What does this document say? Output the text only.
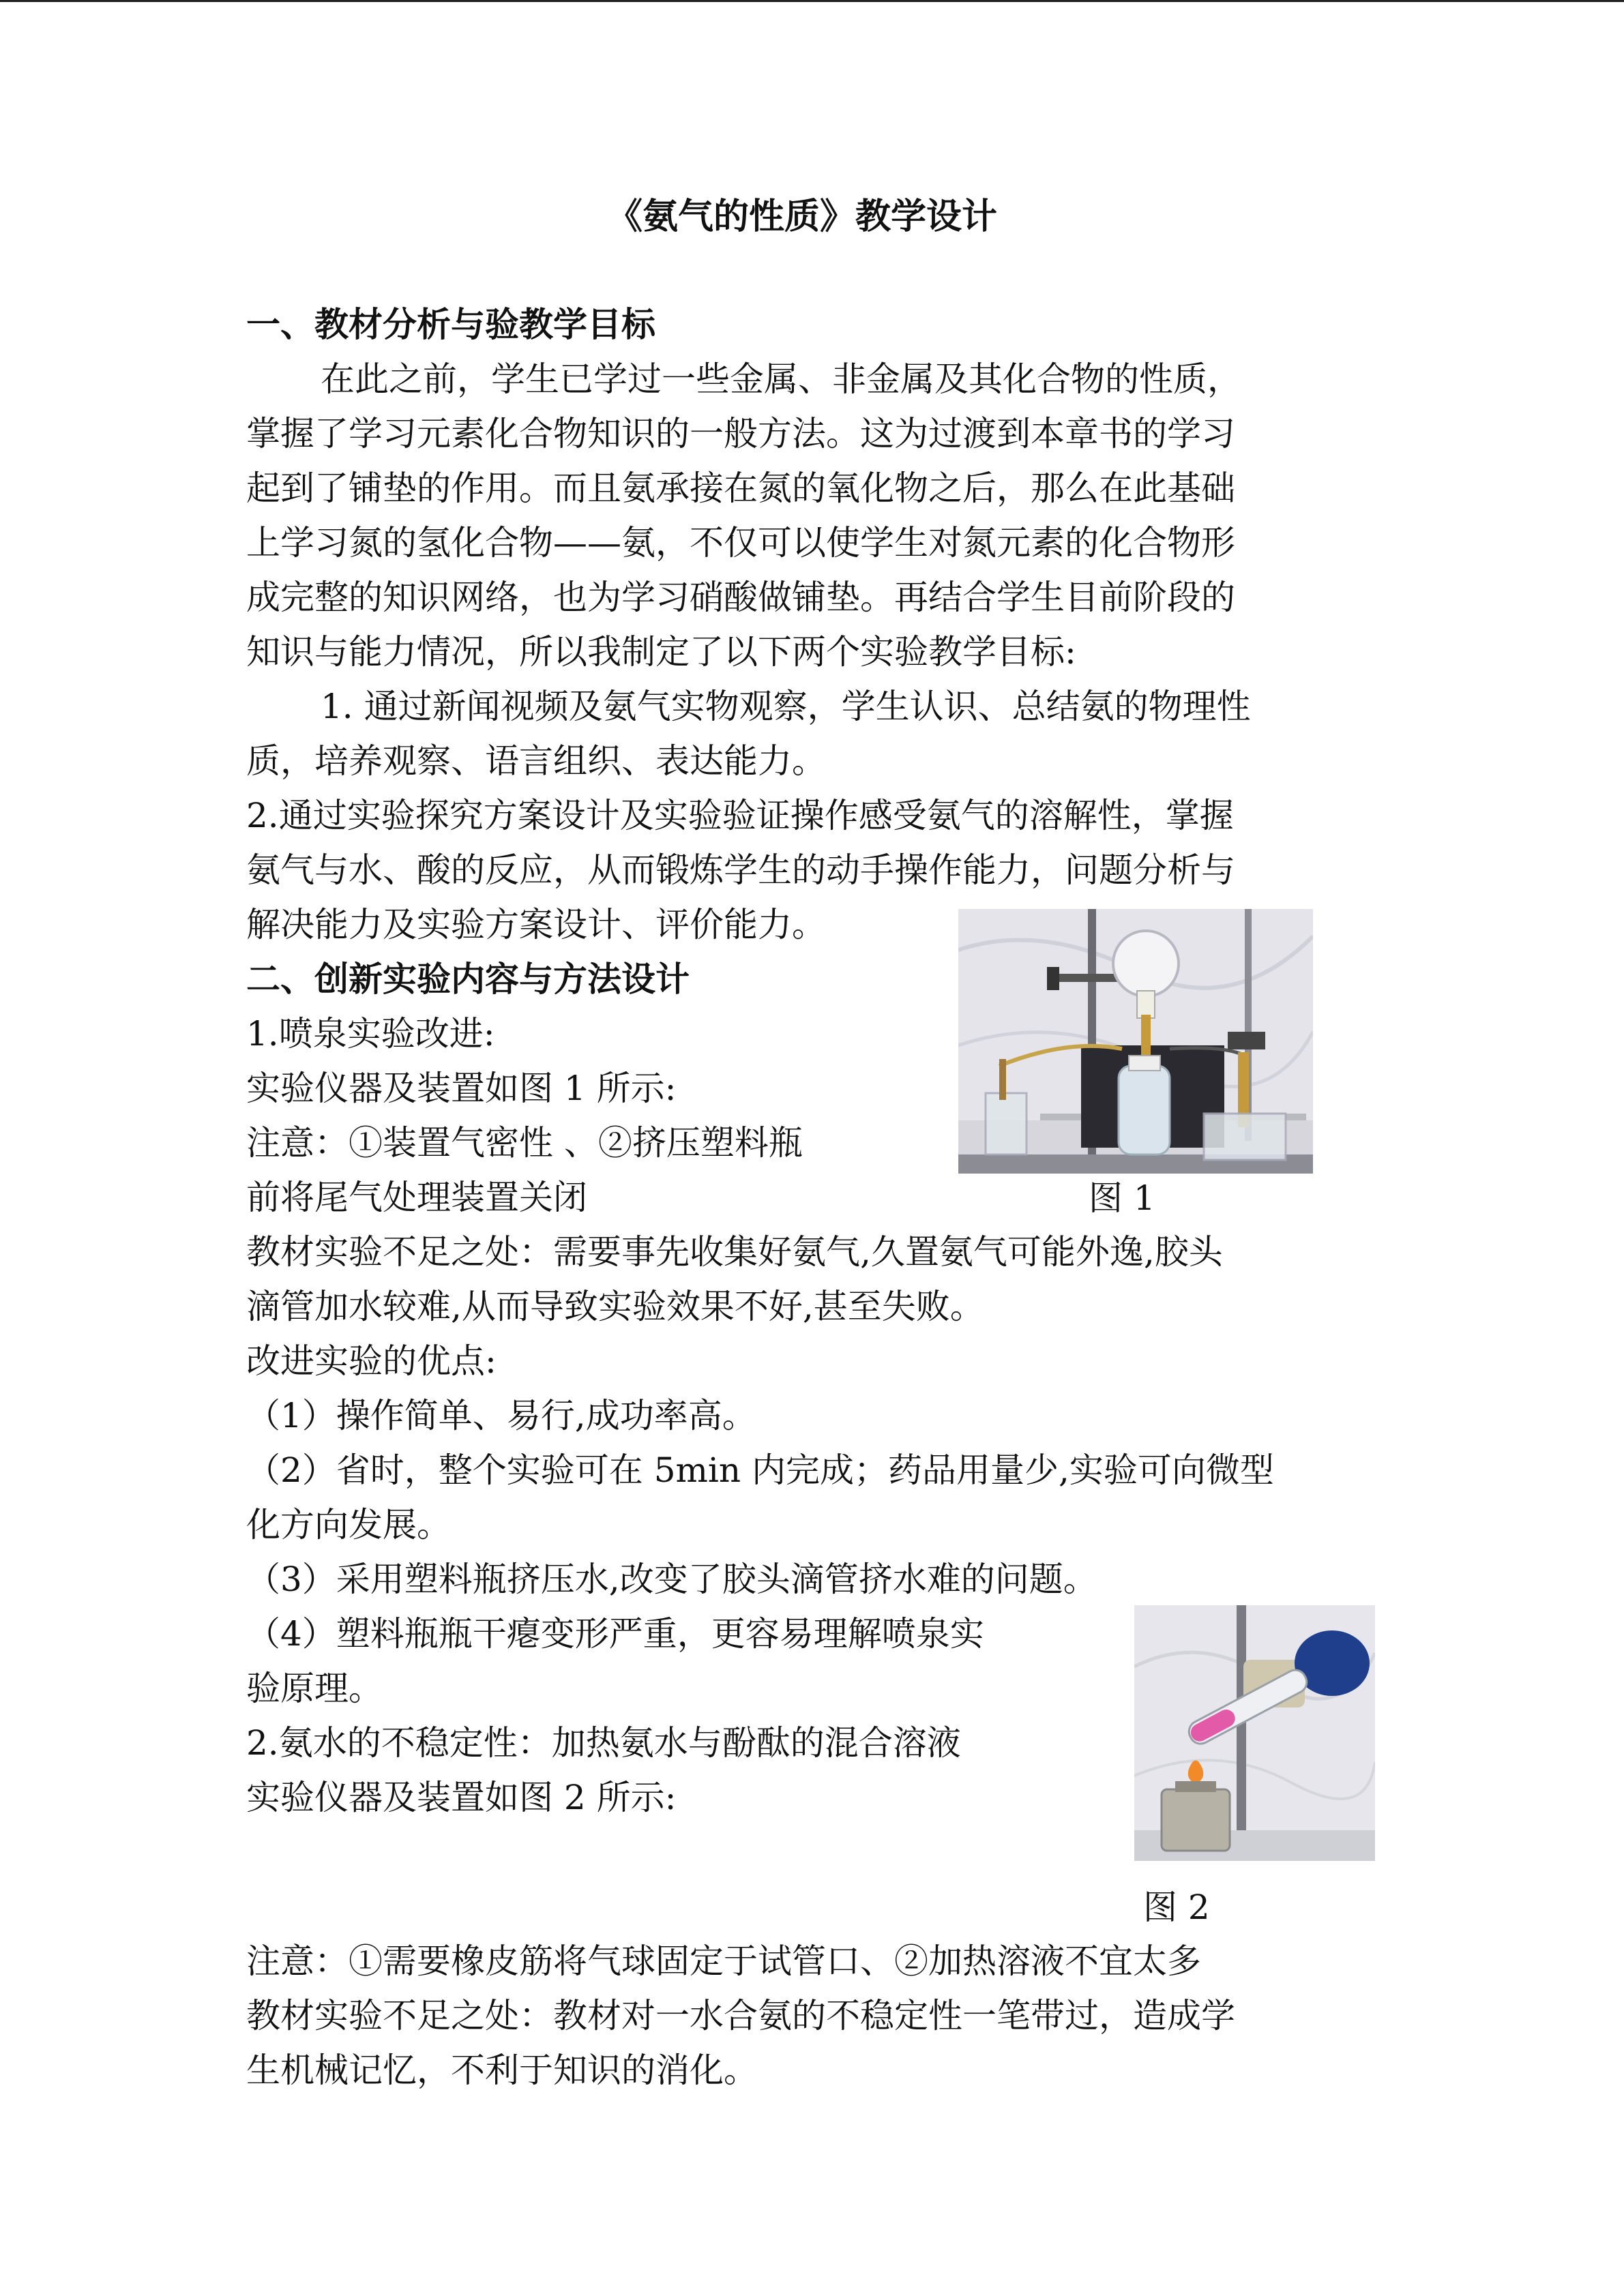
《氨气的性质》教学设计
一、教材分析与验教学目标
在此之前，学生已学过一些金属、非金属及其化合物的性质，
掌握了学习元素化合物知识的一般方法。这为过渡到本章书的学习
起到了铺垫的作用。而且氨承接在氮的氧化物之后，那么在此基础
上学习氮的氢化合物——氨，不仅可以使学生对氮元素的化合物形
成完整的知识网络，也为学习硝酸做铺垫。再结合学生目前阶段的
知识与能力情况，所以我制定了以下两个实验教学目标:
1. 通过新闻视频及氨气实物观察，学生认识、总结氨的物理性
质，培养观察、语言组织、表达能力。
2.通过实验探究方案设计及实验验证操作感受氨气的溶解性，掌握
氨气与水、酸的反应，从而锻炼学生的动手操作能力，问题分析与
解决能力及实验方案设计、评价能力。
二、创新实验内容与方法设计
1.喷泉实验改进:
实验仪器及装置如图 1 所示:
注意：①装置气密性 、②挤压塑料瓶
前将尾气处理装置关闭	图 1
教材实验不足之处：需要事先收集好氨气,久置氨气可能外逸,胶头
滴管加水较难,从而导致实验效果不好,甚至失败。
改进实验的优点:
（1）操作简单、易行,成功率高。
（2）省时，整个实验可在 5min 内完成；药品用量少,实验可向微型
化方向发展。
（3）采用塑料瓶挤压水,改变了胶头滴管挤水难的问题。
（4）塑料瓶瓶干瘪变形严重，更容易理解喷泉实
验原理。
2.氨水的不稳定性：加热氨水与酚酞的混合溶液
实验仪器及装置如图 2 所示:
图 2
注意：①需要橡皮筋将气球固定于试管口、②加热溶液不宜太多
教材实验不足之处：教材对一水合氨的不稳定性一笔带过，造成学
生机械记忆，不利于知识的消化。
